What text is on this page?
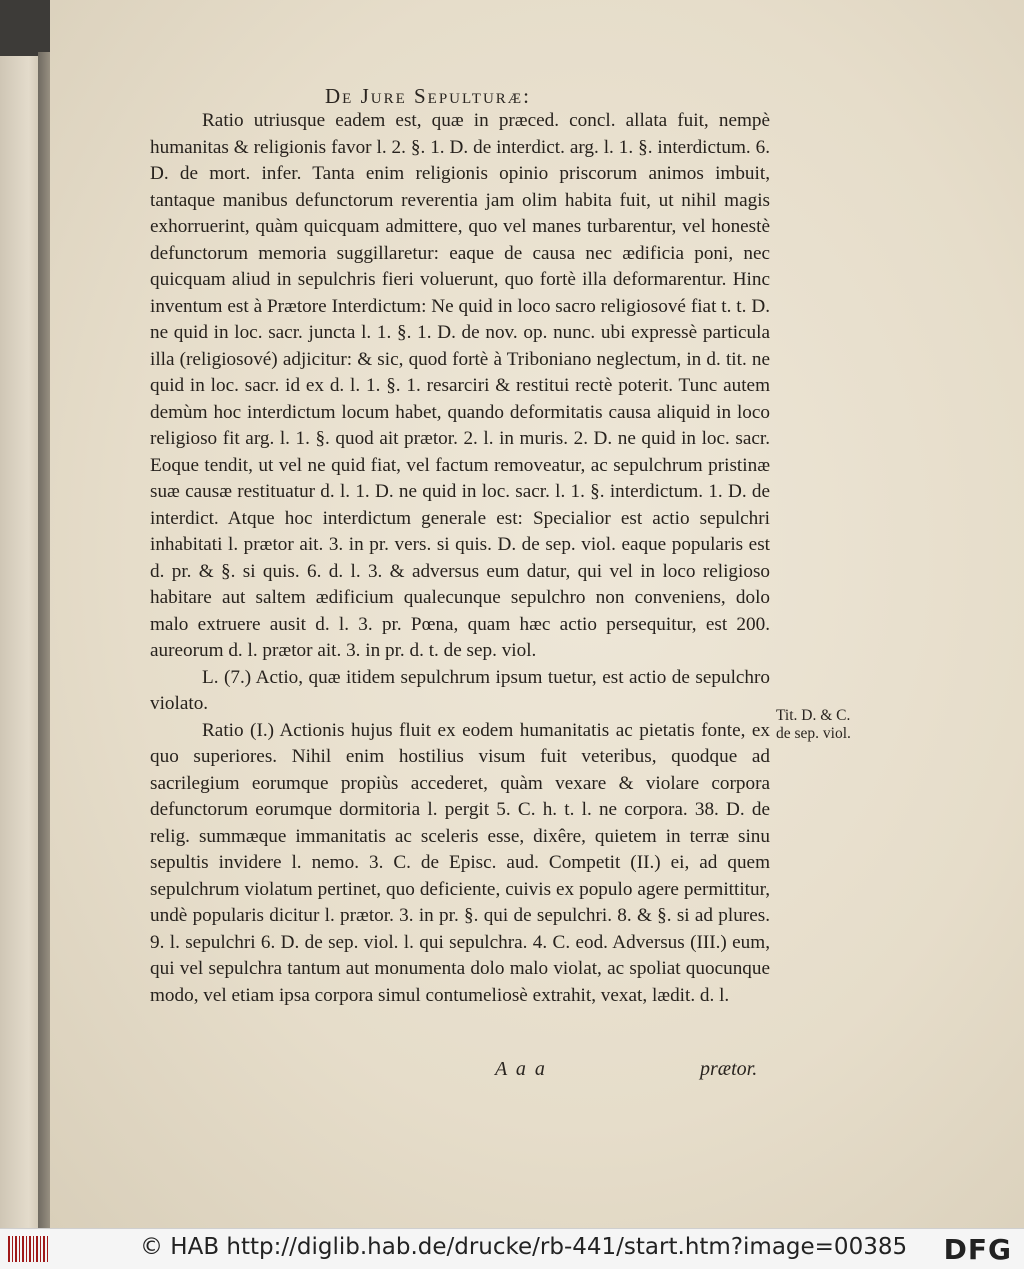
De Jure Sepulturæ:

Ratio utriusque eadem est, quæ in præced. concl. allata fuit, nempè humanitas & religionis favor l. 2. §. 1. D. de interdict. arg. l. 1. §. interdictum. 6. D. de mort. infer. Tanta enim religionis opinio priscorum animos imbuit, tantaque manibus defunctorum reverentia jam olim habita fuit, ut nihil magis exhorruerint, quàm quicquam admittere, quo vel manes turbarentur, vel honestè defunctorum memoria suggillaretur: eaque de causa nec ædificia poni, nec quicquam aliud in sepulchris fieri voluerunt, quo fortè illa deformarentur. Hinc inventum est à Prætore Interdictum: Ne quid in loco sacro religiosové fiat t. t. D. ne quid in loc. sacr. juncta l. 1. §. 1. D. de nov. op. nunc. ubi expressè particula illa (religiosové) adjicitur: & sic, quod fortè à Triboniano neglectum, in d. tit. ne quid in loc. sacr. id ex d. l. 1. §. 1. resarciri & restitui rectè poterit. Tunc autem demùm hoc interdictum locum habet, quando deformitatis causa aliquid in loco religioso fit arg. l. 1. §. quod ait prætor. 2. l. in muris. 2. D. ne quid in loc. sacr. Eoque tendit, ut vel ne quid fiat, vel factum removeatur, ac sepulchrum pristinæ suæ causæ restituatur d. l. 1. D. ne quid in loc. sacr. l. 1. §. interdictum. 1. D. de interdict. Atque hoc interdictum generale est: Specialior est actio sepulchri inhabitati l. prætor ait. 3. in pr. vers. si quis. D. de sep. viol. eaque popularis est d. pr. & §. si quis. 6. d. l. 3. & adversus eum datur, qui vel in loco religioso habitare aut saltem ædificium qualecunque sepulchro non conveniens, dolo malo extruere ausit d. l. 3. pr. Pœna, quam hæc actio persequitur, est 200. aureorum d. l. prætor ait. 3. in pr. d. t. de sep. viol.

L. (7.) Actio, quæ itidem sepulchrum ipsum tuetur, est actio de sepulchro violato.

Ratio (I.) Actionis hujus fluit ex eodem humanitatis ac pietatis fonte, ex quo superiores. Nihil enim hostilius visum fuit veteribus, quodque ad sacrilegium eorumque propiùs accederet, quàm vexare & violare corpora defunctorum eorumque dormitoria l. pergit 5. C. h. t. l. ne corpora. 38. D. de relig. summæque immanitatis ac sceleris esse, dixêre, quietem in terræ sinu sepultis invidere l. nemo. 3. C. de Episc. aud. Competit (II.) ei, ad quem sepulchrum violatum pertinet, quo deficiente, cuivis ex populo agere permittitur, undè popularis dicitur l. prætor. 3. in pr. §. qui de sepulchri. 8. & §. si ad plures. 9. l. sepulchri 6. D. de sep. viol. l. qui sepulchra. 4. C. eod. Adversus (III.) eum, qui vel sepulchra tantum aut monumenta dolo malo violat, ac spoliat quocunque modo, vel etiam ipsa corpora simul contumeliosè extrahit, vexat, lædit. d. l.

Tit. D. & C. de sep. viol.
A a a	prætor.
© HAB http://diglib.hab.de/drucke/rb-441/start.htm?image=00385 DFG
